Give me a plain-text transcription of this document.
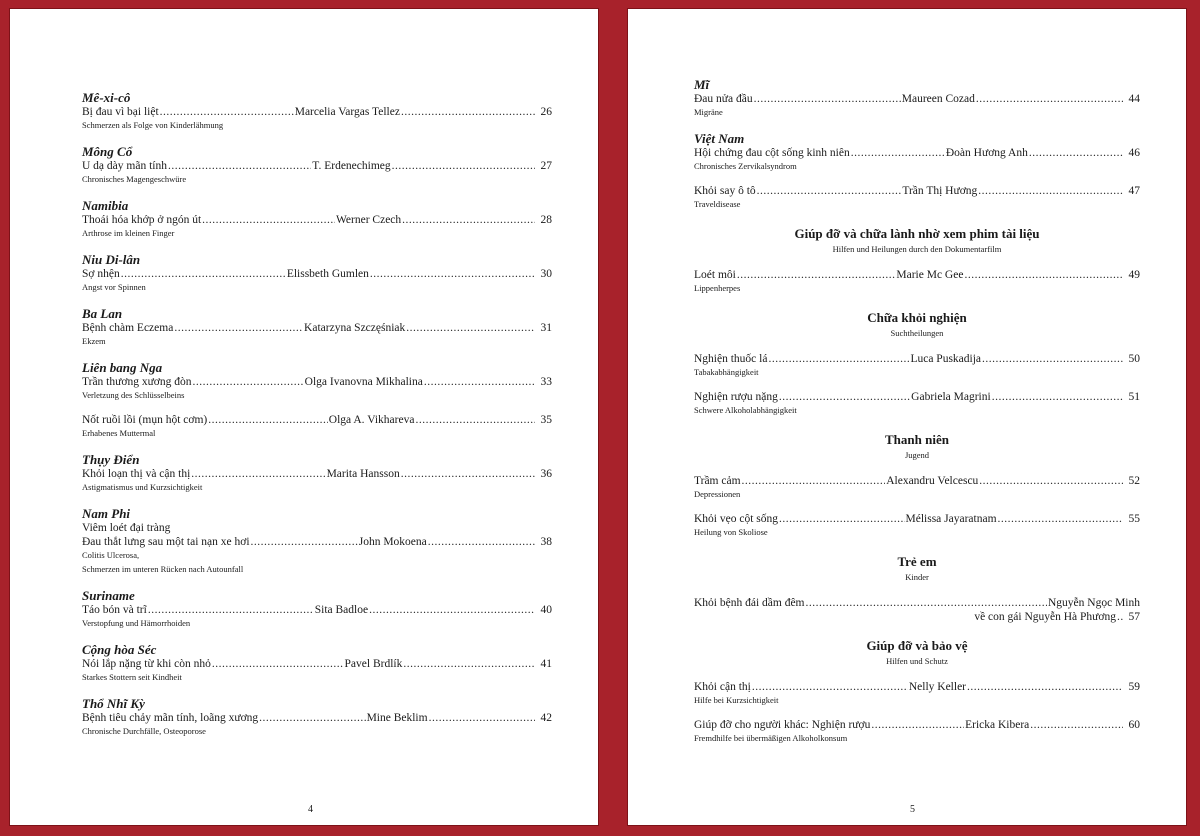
Mê-xi-cô
Bị đau vì bại liệt .....	Marcelia Vargas Tellez .....	26
Schmerzen als Folge von Kinderlähmung
Mông Cổ
U dạ dày mãn tính .....	T. Erdenechimeg .....	27
Chronisches Magengeschwüre
Namibia
Thoái hóa khớp ở ngón út .....	Werner Czech .....	28
Arthrose im kleinen Finger
Niu Di-lân
Sợ nhện .....	Elissbeth Gumlen .....	30
Angst vor Spinnen
Ba Lan
Bệnh chàm Eczema .....	Katarzyna Szczęśniak .....	31
Ekzem
Liên bang Nga
Trần thương xương đòn .....	Olga Ivanovna Mikhalina .....	33
Verletzung des Schlüsselbeins
Nốt ruồi lồi (mụn hột cơm) .....	Olga A. Vikhareva .....	35
Erhabenes Muttermal
Thụy Điển
Khỏi loạn thị và cận thị .....	Marita Hansson .....	36
Astigmatismus und Kurzsichtigkeit
Nam Phi
Viêm loét đại tràng
Đau thắt lưng sau một tai nạn xe hơi .....	John Mokoena .....	38
Colitis Ulcerosa,
Schmerzen im unteren Rücken nach Autounfall
Suriname
Táo bón và trĩ .....	Sita Badloe .....	40
Verstopfung und Hämorrhoiden
Cộng hòa Séc
Nói lắp nặng từ khi còn nhỏ .....	Pavel Brdlík .....	41
Starkes Stottern seit Kindheit
Thổ Nhĩ Kỳ
Bệnh tiêu chảy mãn tính, loãng xương .....	Mine Beklim .....	42
Chronische Durchfälle, Osteoporose
4
Mĩ
Đau nửa đầu .....	Maureen Cozad .....	44
Migräne
Việt Nam
Hội chứng đau cột sống kinh niên .....	Đoàn Hương Anh .....	46
Chronisches Zervikalsyndrom
Khỏi say ô tô .....	Trần Thị Hương .....	47
Traveldisease
Giúp đỡ và chữa lành nhờ xem phim tài liệu
Hilfen und Heilungen durch den Dokumentarfilm
Loét môi .....	Marie Mc Gee .....	49
Lippenherpes
Chữa khỏi nghiện
Suchtheilungen
Nghiện thuốc lá .....	Luca Puskadija .....	50
Tabakabhängigkeit
Nghiện rượu nặng .....	Gabriela Magrini .....	51
Schwere Alkoholabhängigkeit
Thanh niên
Jugend
Trầm cảm .....	Alexandru Velcescu .....	52
Depressionen
Khỏi vẹo cột sống .....	Mélissa Jayaratnam .....	55
Heilung von Skoliose
Trẻ em
Kinder
Khỏi bệnh đái dầm đêm .....	Nguyễn Ngọc Minh
về con gái Nguyễn Hà Phương .....	57
Giúp đỡ và bảo vệ
Hilfen und Schutz
Khỏi cận thị .....	Nelly Keller .....	59
Hilfe bei Kurzsichtigkeit
Giúp đỡ cho người khác: Nghiện rượu .....	Ericka Kibera .....	60
Fremdhilfe bei übermäßigen Alkoholkonsum
5
